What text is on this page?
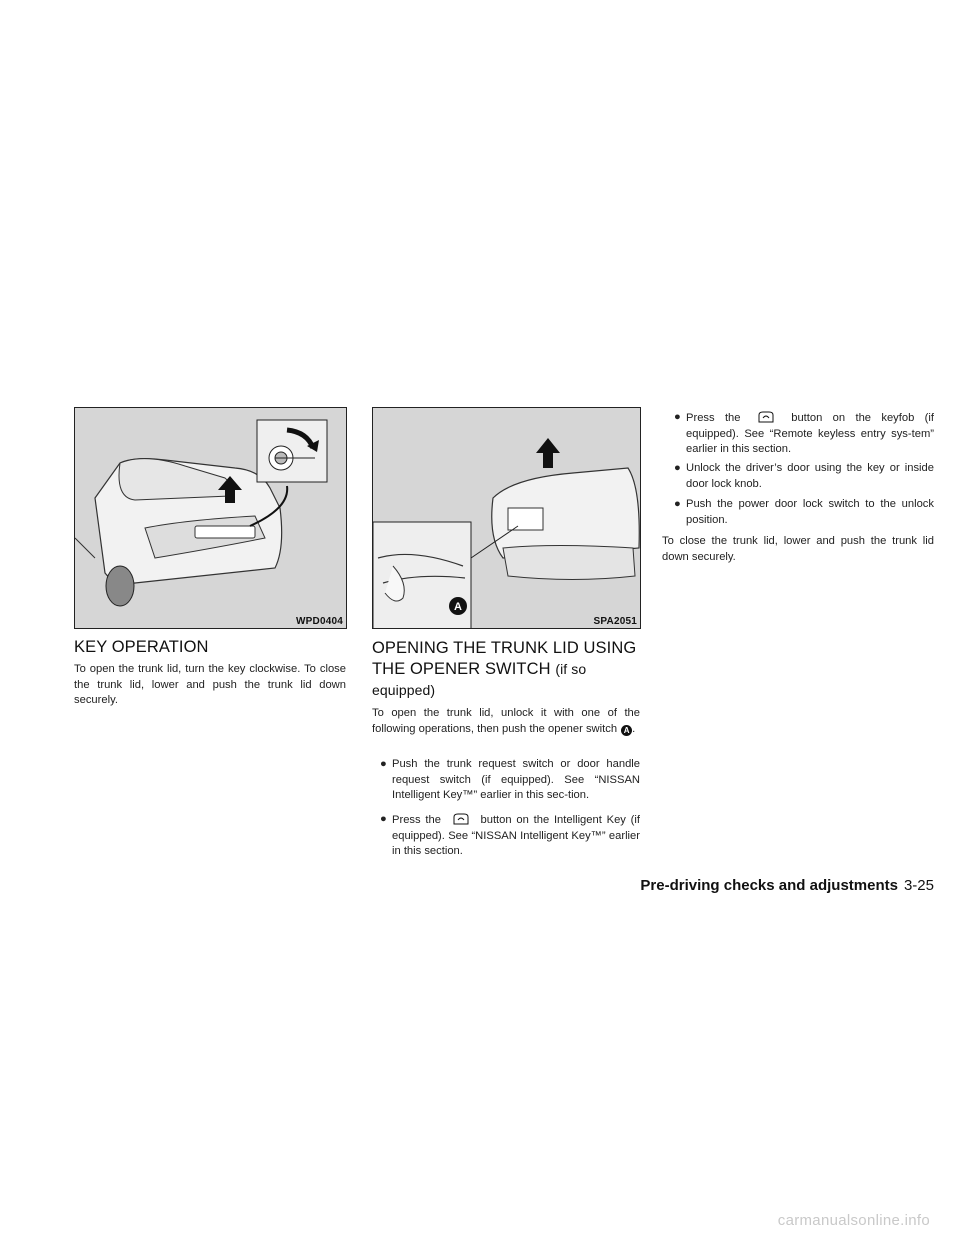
WPD0404
A
SPA2051
KEY OPERATION

To open the trunk lid, turn the key clockwise. To close the trunk lid, lower and push the trunk lid down securely.

OPENING THE TRUNK LID USING THE OPENER SWITCH (if so equipped)

To open the trunk lid, unlock it with one of the following operations, then push the opener switch A .

● Push the trunk request switch or door handle request switch (if equipped). See “NISSAN Intelligent Key™” earlier in this sec-tion.
● Press the	button on the Intelligent Key (if equipped). See “NISSAN Intelligent Key™” earlier in this section.
● Press the	button on the keyfob (if equipped). See “Remote keyless entry sys-tem” earlier in this section.
● Unlock the driver’s door using the key or inside door lock knob.
● Push the power door lock switch to the unlock position.

To close the trunk lid, lower and push the trunk lid down securely.

Pre-driving checks and adjustments 3-25
carmanualsonline.info
